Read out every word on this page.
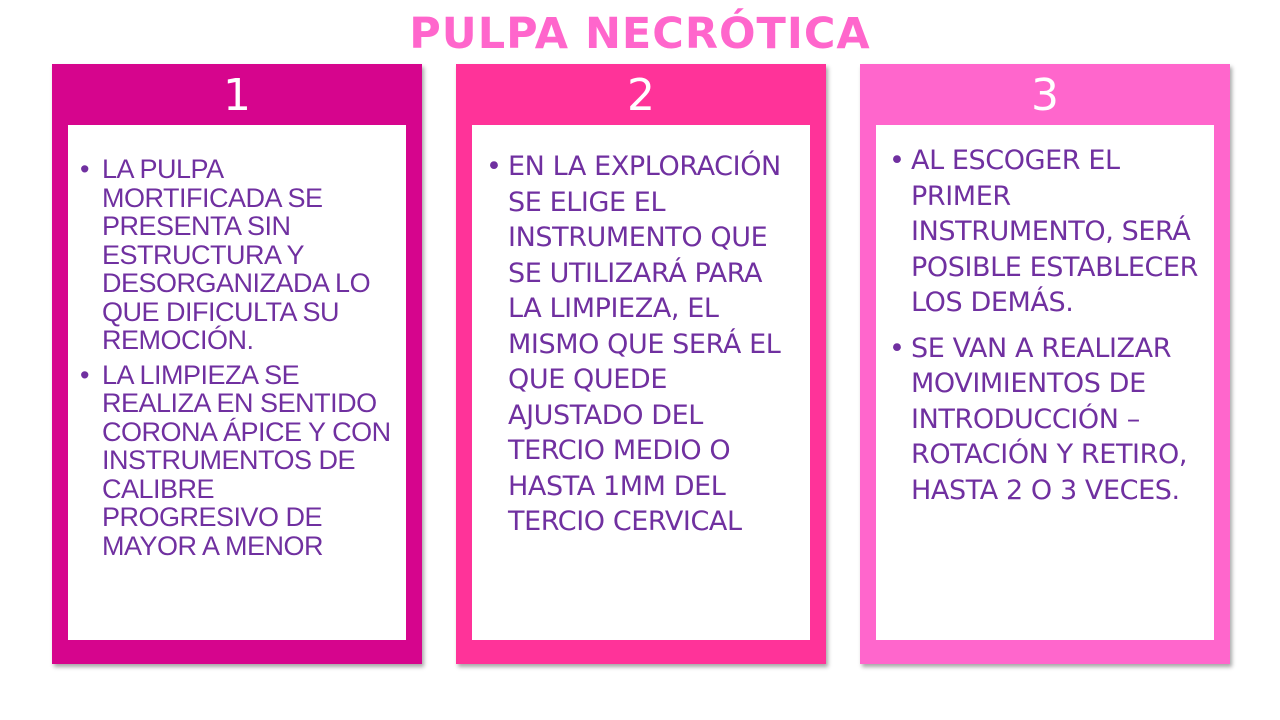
PULPA NECRÓTICA
1
• LA PULPA MORTIFICADA SE PRESENTA SIN ESTRUCTURA Y DESORGANIZADA LO QUE DIFICULTA SU REMOCIÓN.
• LA LIMPIEZA SE REALIZA EN SENTIDO CORONA ÁPICE Y CON INSTRUMENTOS DE CALIBRE PROGRESIVO DE MAYOR A MENOR
2
• EN LA EXPLORACIÓN SE ELIGE EL INSTRUMENTO QUE SE UTILIZARÁ PARA LA LIMPIEZA, EL MISMO QUE SERÁ EL QUE QUEDE AJUSTADO DEL TERCIO MEDIO O HASTA 1MM DEL TERCIO CERVICAL
3
• AL ESCOGER EL PRIMER INSTRUMENTO, SERÁ POSIBLE ESTABLECER LOS DEMÁS.
• SE VAN A REALIZAR MOVIMIENTOS DE INTRODUCCIÓN – ROTACIÓN Y RETIRO, HASTA 2 O 3 VECES.
